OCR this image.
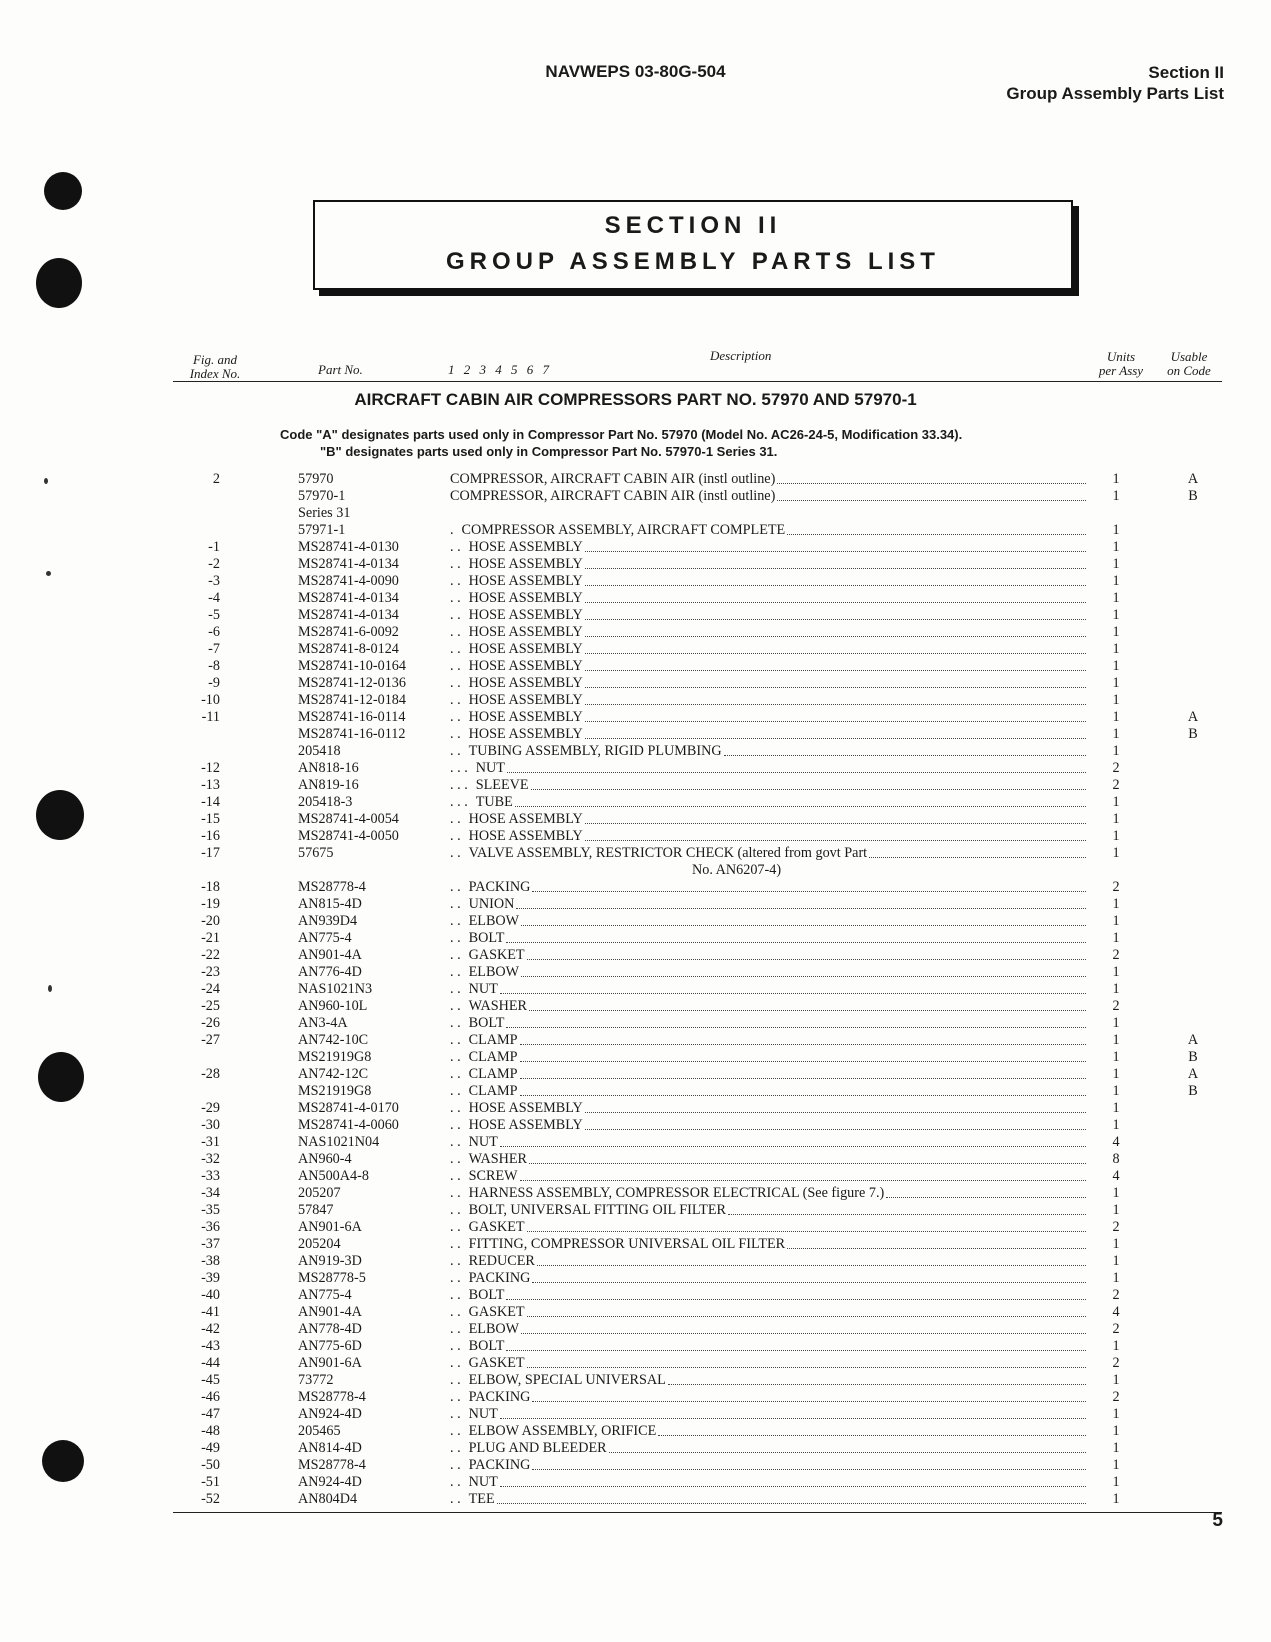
NAVWEPS 03-80G-504	Section II
Group Assembly Parts List
SECTION II
GROUP ASSEMBLY PARTS LIST
Fig. and
Index No.	Part No.	1 2 3 4 5 6 7
Description	Units
per Assy
Usable
on Code
AIRCRAFT CABIN AIR COMPRESSORS PART NO. 57970 AND 57970-1
Code "A" designates parts used only in Compressor Part No. 57970 (Model No. AC26-24-5, Modification 33.34).
"B" designates parts used only in Compressor Part No. 57970-1 Series 31.
2	57970	COMPRESSOR, AIRCRAFT CABIN AIR (instl outline)	1	A
57970-1	COMPRESSOR, AIRCRAFT CABIN AIR (instl outline)	1	B
Series 31
57971-1	. COMPRESSOR ASSEMBLY, AIRCRAFT COMPLETE	1
-1	MS28741-4-0130	. . HOSE ASSEMBLY	1
-2	MS28741-4-0134	. . HOSE ASSEMBLY	1
-3	MS28741-4-0090	. . HOSE ASSEMBLY	1
-4	MS28741-4-0134	. . HOSE ASSEMBLY	1
-5	MS28741-4-0134	. . HOSE ASSEMBLY	1
-6	MS28741-6-0092	. . HOSE ASSEMBLY	1
-7	MS28741-8-0124	. . HOSE ASSEMBLY	1
-8	MS28741-10-0164	. . HOSE ASSEMBLY	1
-9	MS28741-12-0136	. . HOSE ASSEMBLY	1
-10	MS28741-12-0184	. . HOSE ASSEMBLY	1
-11	MS28741-16-0114	. . HOSE ASSEMBLY	1	A
MS28741-16-0112	. . HOSE ASSEMBLY	1	B
205418	. . TUBING ASSEMBLY, RIGID PLUMBING	1
-12	AN818-16	. . . NUT	2
-13	AN819-16	. . . SLEEVE	2
-14	205418-3	. . . TUBE	1
-15	MS28741-4-0054	. . HOSE ASSEMBLY	1
-16	MS28741-4-0050	. . HOSE ASSEMBLY	1
-17	57675	. . VALVE ASSEMBLY, RESTRICTOR CHECK (altered from govt Part	1
No. AN6207-4)
-18	MS28778-4	. . PACKING	2
-19	AN815-4D	. . UNION	1
-20	AN939D4	. . ELBOW	1
-21	AN775-4	. . BOLT	1
-22	AN901-4A	. . GASKET	2
-23	AN776-4D	. . ELBOW	1
-24	NAS1021N3	. . NUT	1
-25	AN960-10L	. . WASHER	2
-26	AN3-4A	. . BOLT	1
-27	AN742-10C	. . CLAMP	1	A
MS21919G8	. . CLAMP	1	B
-28	AN742-12C	. . CLAMP	1	A
MS21919G8	. . CLAMP	1	B
-29	MS28741-4-0170	. . HOSE ASSEMBLY	1
-30	MS28741-4-0060	. . HOSE ASSEMBLY	1
-31	NAS1021N04	. . NUT	4
-32	AN960-4	. . WASHER	8
-33	AN500A4-8	. . SCREW	4
-34	205207	. . HARNESS ASSEMBLY, COMPRESSOR ELECTRICAL (See figure 7.)	1
-35	57847	. . BOLT, UNIVERSAL FITTING OIL FILTER	1
-36	AN901-6A	. . GASKET	2
-37	205204	. . FITTING, COMPRESSOR UNIVERSAL OIL FILTER	1
-38	AN919-3D	. . REDUCER	1
-39	MS28778-5	. . PACKING	1
-40	AN775-4	. . BOLT	2
-41	AN901-4A	. . GASKET	4
-42	AN778-4D	. . ELBOW	2
-43	AN775-6D	. . BOLT	1
-44	AN901-6A	. . GASKET	2
-45	73772	. . ELBOW, SPECIAL UNIVERSAL	1
-46	MS28778-4	. . PACKING	2
-47	AN924-4D	. . NUT	1
-48	205465	. . ELBOW ASSEMBLY, ORIFICE	1
-49	AN814-4D	. . PLUG AND BLEEDER	1
-50	MS28778-4	. . PACKING	1
-51	AN924-4D	. . NUT	1
-52	AN804D4	. . TEE	1
5
